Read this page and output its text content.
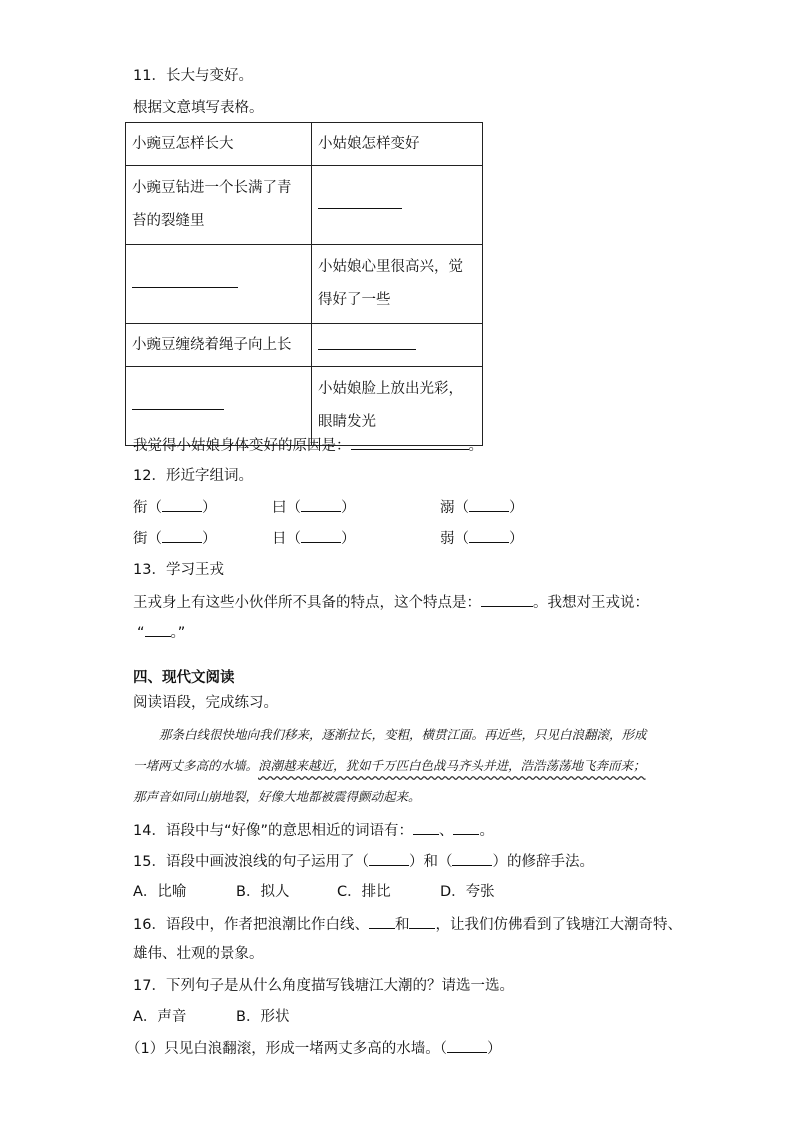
11．长大与变好。
根据文意填写表格。
小豌豆怎样长大	小姑娘怎样变好
小豌豆钻进一个长满了青苔的裂缝里	
	小姑娘心里很高兴，觉得好了一些
小豌豆缠绕着绳子向上长	
	小姑娘脸上放出光彩，眼睛发光
我觉得小姑娘身体变好的原因是：	。
12．形近字组词。
衔（	）	曰（	）	溺（	）
街（	）	日（	）	弱（	）
13．学习王戎
王戎身上有这些小伙伴所不具备的特点，这个特点是：	。我想对王戎说：
“ 。”
四、现代文阅读
阅读语段，完成练习。
那条白线很快地向我们移来，逐渐拉长，变粗，横贯江面。再近些，只见白浪翻滚，形成一堵两丈多高的水墙。浪潮越来越近，犹如千万匹白色战马齐头并进，浩浩荡荡地飞奔而来；那声音如同山崩地裂，好像大地都被震得颤动起来。
14．语段中与“好像”的意思相近的词语有： 、 。
15．语段中画波浪线的句子运用了（	）和（	）的修辞手法。
A．比喻	B．拟人	C．排比	D．夸张
16．语段中，作者把浪潮比作白线、 和 ，让我们仿佛看到了钱塘江大潮奇特、
雄伟、壮观的景象。
17．下列句子是从什么角度描写钱塘江大潮的？请选一选。
A．声音	B．形状
（1）只见白浪翻滚，形成一堵两丈多高的水墙。（	）
